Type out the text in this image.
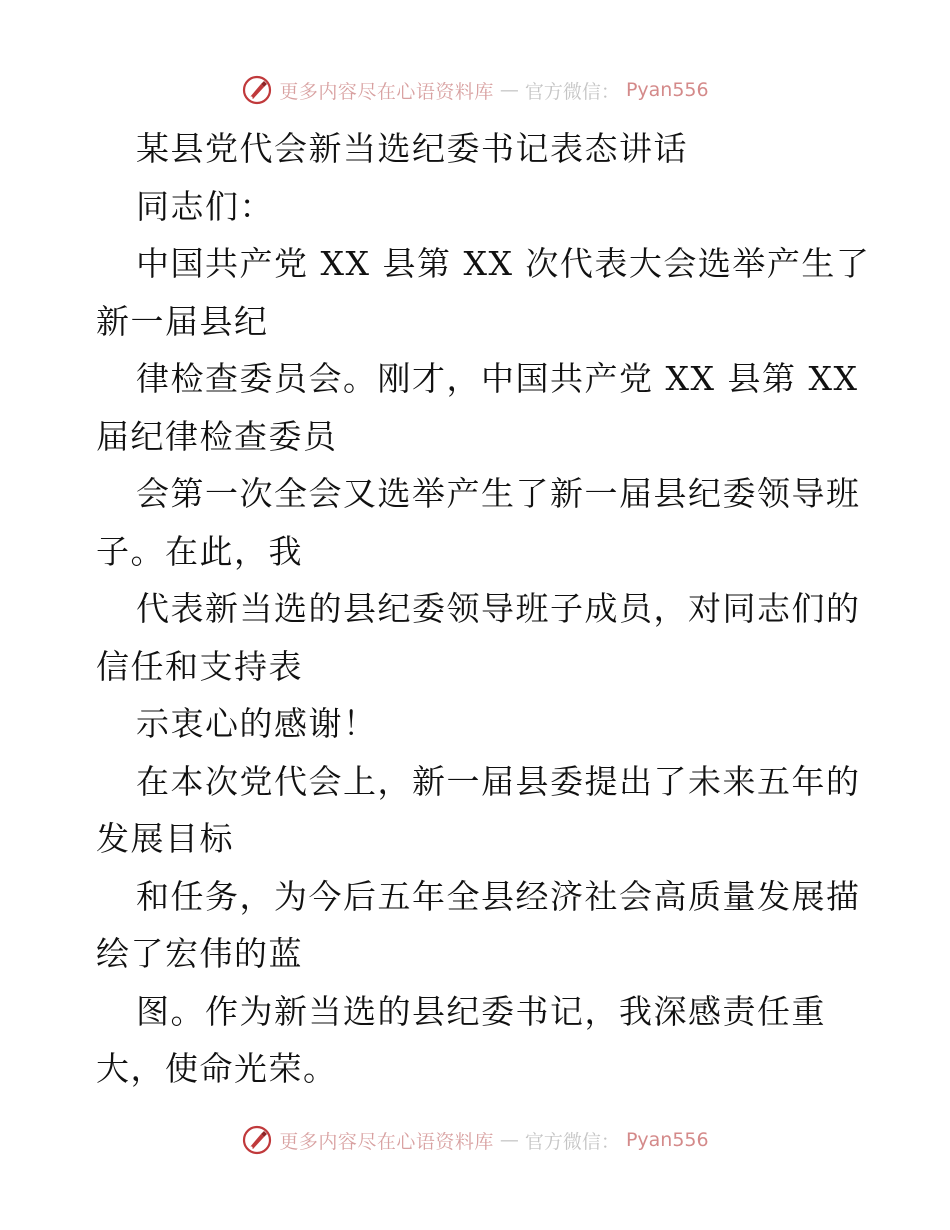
更多内容尽在心语资料库 — 官方微信： Pyan556
某县党代会新当选纪委书记表态讲话
同志们：
中国共产党 XX 县第 XX 次代表大会选举产生了
新一届县纪
律检查委员会。刚才，中国共产党 XX 县第 XX
届纪律检查委员
会第一次全会又选举产生了新一届县纪委领导班
子。在此，我
代表新当选的县纪委领导班子成员，对同志们的
信任和支持表
示衷心的感谢！
在本次党代会上，新一届县委提出了未来五年的
发展目标
和任务，为今后五年全县经济社会高质量发展描
绘了宏伟的蓝
图。作为新当选的县纪委书记，我深感责任重
大，使命光荣。
更多内容尽在心语资料库 — 官方微信： Pyan556
